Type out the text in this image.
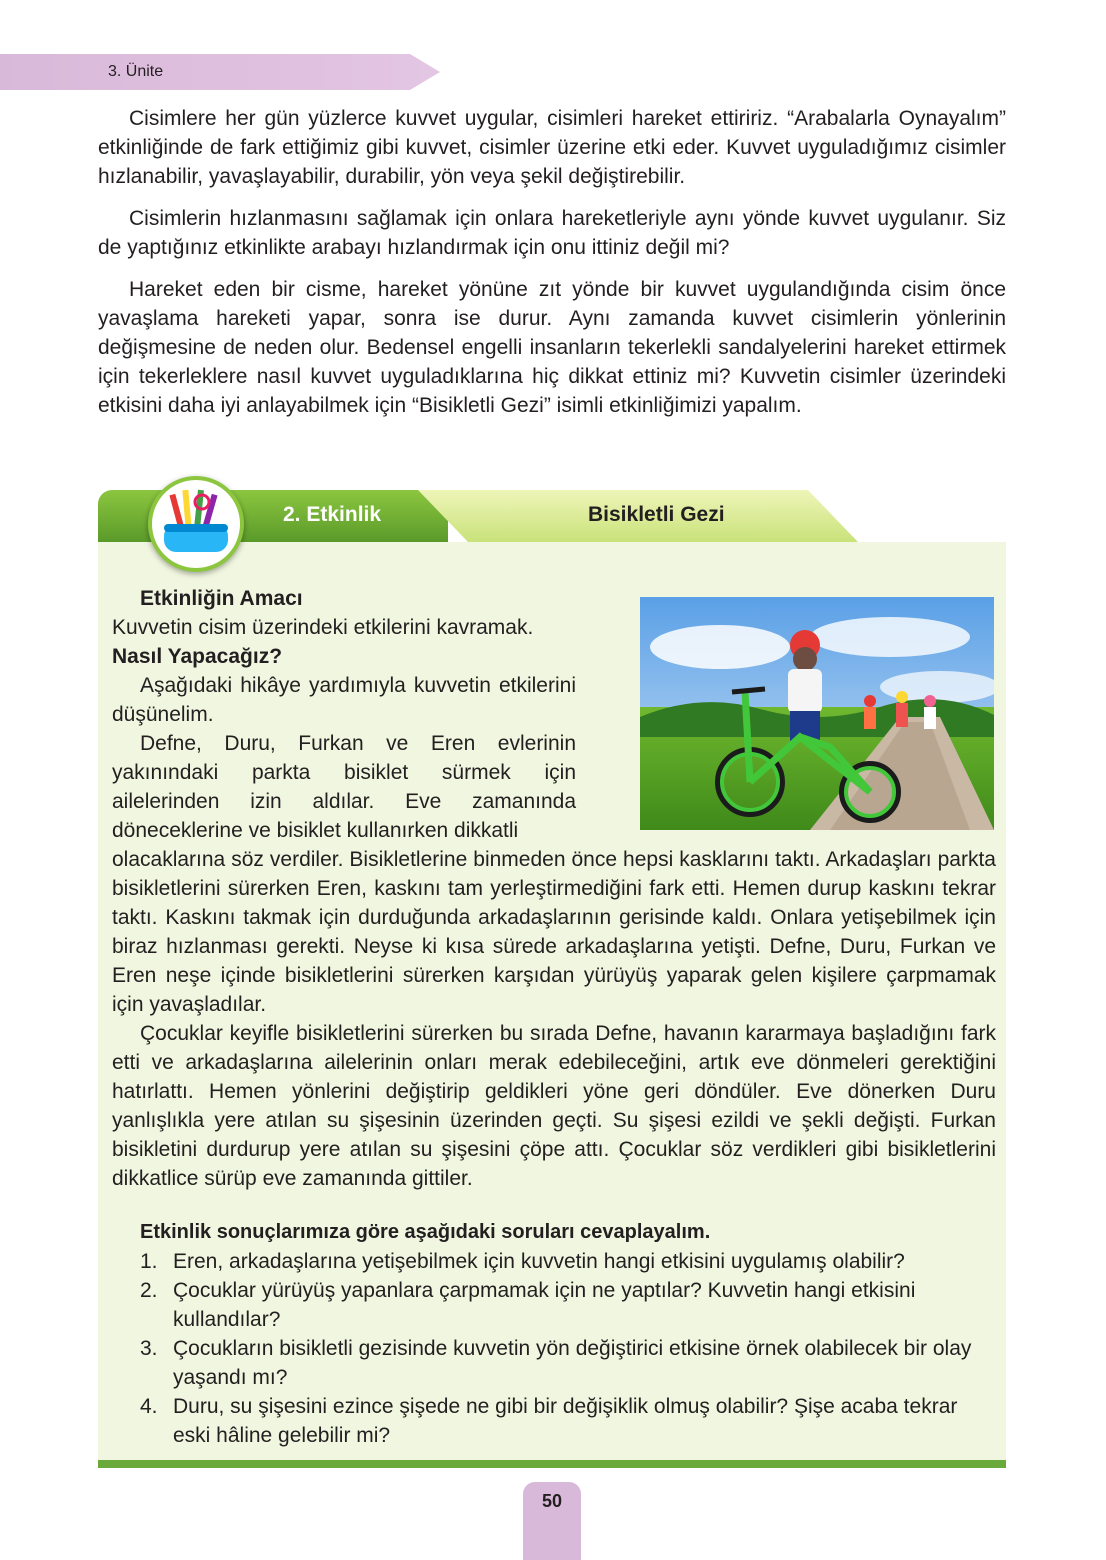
3. Ünite

Cisimlere her gün yüzlerce kuvvet uygular, cisimleri hareket ettiririz. “Arabalarla Oynayalım” etkinliğinde de fark ettiğimiz gibi kuvvet, cisimler üzerine etki eder. Kuvvet uyguladığımız cisimler hızlanabilir, yavaşlayabilir, durabilir, yön veya şekil değiştirebilir.

Cisimlerin hızlanmasını sağlamak için onlara hareketleriyle aynı yönde kuvvet uygulanır. Siz de yaptığınız etkinlikte arabayı hızlandırmak için onu ittiniz değil mi?

Hareket eden bir cisme, hareket yönüne zıt yönde bir kuvvet uygulandığında cisim önce yavaşlama hareketi yapar, sonra ise durur. Aynı zamanda kuvvet cisimlerin yönlerinin değişmesine de neden olur. Bedensel engelli insanların tekerlekli sandalyelerini hareket ettirmek için tekerleklere nasıl kuvvet uyguladıklarına hiç dikkat ettiniz mi? Kuvvetin cisimler üzerindeki etkisini daha iyi anlayabilmek için “Bisikletli Gezi” isimli etkinliğimizi yapalım.

2. Etkinlik	Bisikletli Gezi
Etkinliğin Amacı

Kuvvetin cisim üzerindeki etkilerini kavramak.

Nasıl Yapacağız?

Aşağıdaki hikâye yardımıyla kuvvetin etkilerini düşünelim.

Defne, Duru, Furkan ve Eren evlerinin yakınındaki parkta bisiklet sürmek için ailelerinden izin aldılar. Eve zamanında döneceklerine ve bisiklet kullanırken dikkatli

olacaklarına söz verdiler. Bisikletlerine binmeden önce hepsi kasklarını taktı. Arkadaşları parkta bisikletlerini sürerken Eren, kaskını tam yerleştirmediğini fark etti. Hemen durup kaskını tekrar taktı. Kaskını takmak için durduğunda arkadaşlarının gerisinde kaldı. Onlara yetişebilmek için biraz hızlanması gerekti. Neyse ki kısa sürede arkadaşlarına yetişti. Defne, Duru, Furkan ve Eren neşe içinde bisikletlerini sürerken karşıdan yürüyüş yaparak gelen kişilere çarpmamak için yavaşladılar.

Çocuklar keyifle bisikletlerini sürerken bu sırada Defne, havanın kararmaya başladığını fark etti ve arkadaşlarına ailelerinin onları merak edebileceğini, artık eve dönmeleri gerektiğini hatırlattı. Hemen yönlerini değiştirip geldikleri yöne geri döndüler. Eve dönerken Duru yanlışlıkla yere atılan su şişesinin üzerinden geçti. Su şişesi ezildi ve şekli değişti. Furkan bisikletini durdurup yere atılan su şişesini çöpe attı. Çocuklar söz verdikleri gibi bisikletlerini dikkatlice sürüp eve zamanında gittiler.

Etkinlik sonuçlarımıza göre aşağıdaki soruları cevaplayalım.
1. Eren, arkadaşlarına yetişebilmek için kuvvetin hangi etkisini uygulamış olabilir?
2. Çocuklar yürüyüş yapanlara çarpmamak için ne yaptılar? Kuvvetin hangi etkisini kullandılar?
3. Çocukların bisikletli gezisinde kuvvetin yön değiştirici etkisine örnek olabilecek bir olay yaşandı mı?
4. Duru, su şişesini ezince şişede ne gibi bir değişiklik olmuş olabilir? Şişe acaba tekrar eski hâline gelebilir mi?
50
